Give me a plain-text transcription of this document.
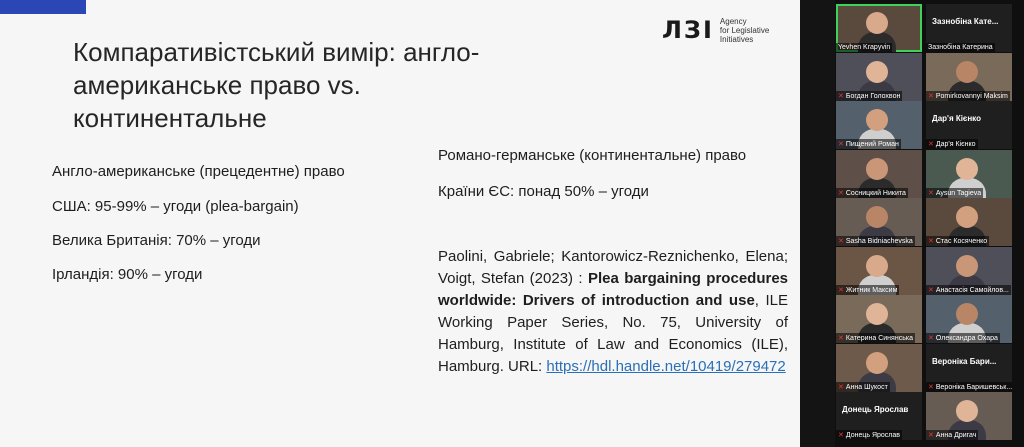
ЛЗІ Agency
for Legislative
Initiatives
Компаративістський вимір: англо-американське право vs. континентальне
Англо-американське (прецедентне) право
США: 95-99% – угоди (plea-bargain)
Велика Британія: 70% – угоди
Ірландія: 90% – угоди
Романо-германське (континентальне) право
Країни ЄС: понад 50% – угоди
Paolini, Gabriele; Kantorowicz-Reznichenko, Elena; Voigt, Stefan (2023) : Plea bargaining procedures worldwide: Drivers of introduction and use, ILE Working Paper Series, No. 75, University of Hamburg, Institute of Law and Economics (ILE), Hamburg. URL: https://hdl.handle.net/10419/279472
Yevhen Krapyvin
Зазнобіна Кате...
Зазнобіна Катерина
✕ Богдан Голохвон	✕ Pomirkovannyi Maksim
✕ Пищений Роман
Дар'я Кієнко
✕ Дар'я Кієнко
✕ Сосницкий Никита	✕ Aysun Tagieva
✕ Sasha Bidniachevska ✕ Стас Косяченко
✕ Житник Максим	✕ Анастасія Самойлов...
✕ Катерина Синянська ✕ Олександра Охара
✕ Анна Шукост
Вероніка Бари...
✕ Вероніка Баришевськ...
Донець Ярослав
✕ Донець Ярослав	✕ Анна Дригач
